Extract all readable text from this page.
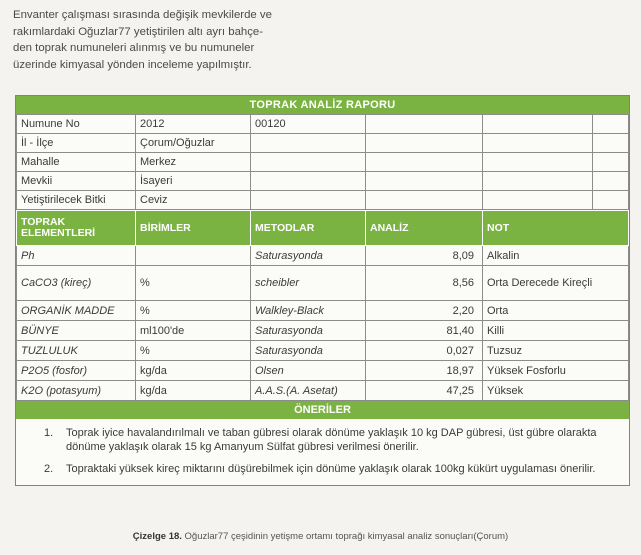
Envanter çalışması sırasında değişik mevkilerde ve

rakımlardaki Oğuzlar77 yetiştirilen altı ayrı bahçe-

den toprak numuneleri alınmış ve bu numuneler

üzerinde kimyasal yönden inceleme yapılmıştır.

TOPRAK ANALİZ RAPORU
Numune No	2012	00120			
İl - İlçe	Çorum/Oğuzlar				
Mahalle	Merkez				
Mevkii	İsayeri				
Yetiştirilecek Bitki	Ceviz				
TOPRAK ELEMENTLERİ	BİRİMLER	METODLAR	ANALİZ	NOT
Ph		Saturasyonda	8,09	Alkalin
CaCO3 (kireç)	%	scheibler	8,56	Orta Derecede Kireçli
ORGANİK MADDE	%	Walkley-Black	2,20	Orta
BÜNYE	ml100'de	Saturasyonda	81,40	Killi
TUZLULUK	%	Saturasyonda	0,027	Tuzsuz
P2O5 (fosfor)	kg/da	Olsen	18,97	Yüksek Fosforlu
K2O (potasyum)	kg/da	A.A.S.(A. Asetat)	47,25	Yüksek
ÖNERİLER
1.	Toprak iyice havalandırılmalı ve taban gübresi olarak dönüme yaklaşık 10 kg DAP gübresi, üst gübre olarakta dönüme yaklaşık olarak 15 kg Amanyum Sülfat gübresi verilmesi önerilir.
2.	Topraktaki yüksek kireç miktarını düşürebilmek için dönüme yaklaşık olarak 100kg kükürt uygulaması önerilir.
Çizelge 18. Oğuzlar77 çeşidinin yetişme ortamı toprağı kimyasal analiz sonuçları(Çorum)
